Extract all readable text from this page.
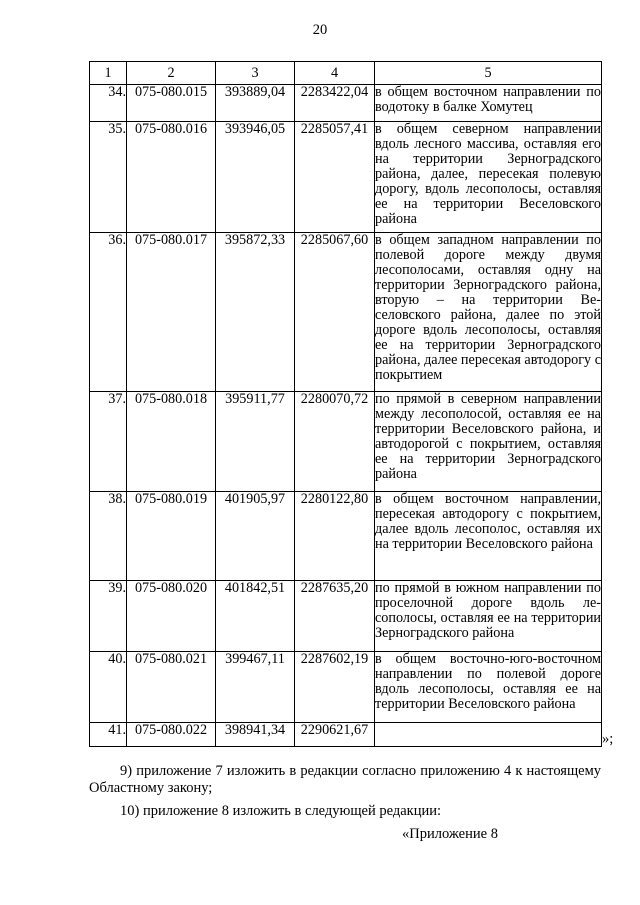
20
1	2	3	4	5
34.	075-080.015	393889,04	2283422,04	в общем восточном направлении по водотоку в балке Хомутец
35.	075-080.016	393946,05	2285057,41	в общем северном направлении вдоль лесного массива, оставляя его на территории Зерноградского района, далее, пересекая полевую дорогу, вдоль лесополосы, оставляя ее на территории Веселовского района
36.	075-080.017	395872,33	2285067,60	в общем западном направлении по полевой дороге между двумя лесополосами, оставляя одну на территории Зерноградского района, вторую – на территории Веселовского района, далее по этой дороге вдоль лесополосы, оставляя ее на территории Зерноградского района, далее пересекая автодорогу с покрытием
37.	075-080.018	395911,77	2280070,72	по прямой в северном направлении между лесополосой, оставляя ее на территории Веселовского района, и автодорогой с покрытием, оставляя ее на территории Зерноградского района
38.	075-080.019	401905,97	2280122,80	в общем восточном направлении, пересекая автодорогу с покрытием, далее вдоль лесополос, оставляя их на территории Веселовского района
39.	075-080.020	401842,51	2287635,20	по прямой в южном направлении по проселочной дороге вдоль лесополосы, оставляя ее на территории Зерноградского района
40.	075-080.021	399467,11	2287602,19	в общем восточно-юго-восточном направлении по полевой дороге вдоль лесополосы, оставляя ее на территории Веселовского района
41.	075-080.022	398941,34	2290621,67	
»;
9) приложение 7 изложить в редакции согласно приложению 4 к настоящему Областному закону;
10) приложение 8 изложить в следующей редакции:
«Приложение 8
